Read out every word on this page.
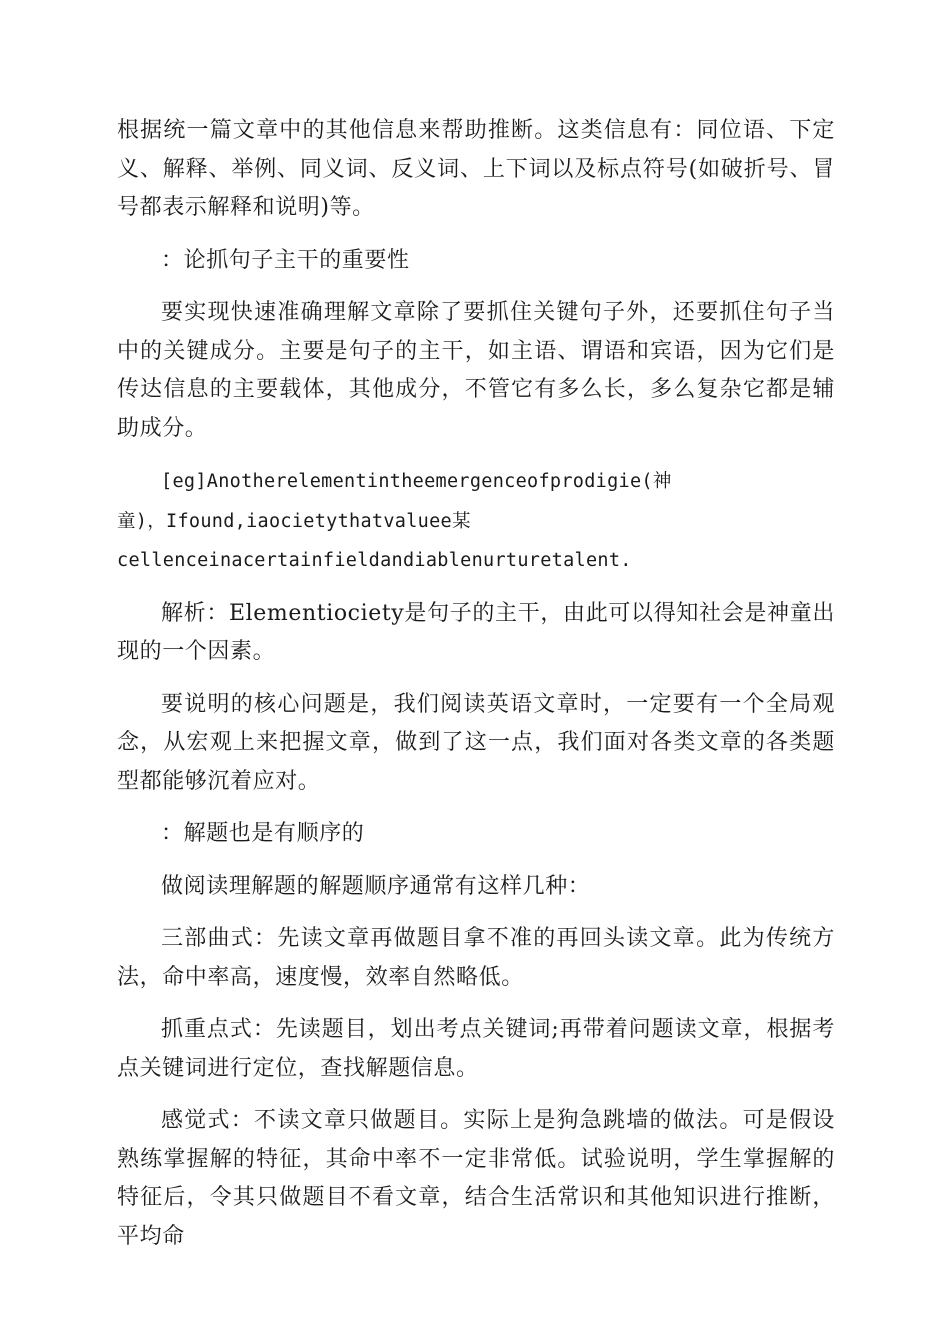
根据统一篇文章中的其他信息来帮助推断。这类信息有：同位语、下定义、解释、举例、同义词、反义词、上下词以及标点符号(如破折号、冒号都表示解释和说明)等。

：论抓句子主干的重要性

要实现快速准确理解文章除了要抓住关键句子外，还要抓住句子当中的关键成分。主要是句子的主干，如主语、谓语和宾语，因为它们是传达信息的主要载体，其他成分，不管它有多么长，多么复杂它都是辅助成分。

[eg]Anotherelementintheemergenceofprodigie(神

童)，Ifound,iaocietythatvaluee某

cellenceinacertainfieldandiablenurturetalent.

解析：Elementiociety是句子的主干，由此可以得知社会是神童出现的一个因素。

要说明的核心问题是，我们阅读英语文章时，一定要有一个全局观念，从宏观上来把握文章，做到了这一点，我们面对各类文章的各类题型都能够沉着应对。

：解题也是有顺序的

做阅读理解题的解题顺序通常有这样几种：

三部曲式：先读文章再做题目拿不准的再回头读文章。此为传统方法，命中率高，速度慢，效率自然略低。

抓重点式：先读题目，划出考点关键词;再带着问题读文章，根据考点关键词进行定位，查找解题信息。

感觉式：不读文章只做题目。实际上是狗急跳墙的做法。可是假设熟练掌握解的特征，其命中率不一定非常低。试验说明，学生掌握解的特征后，令其只做题目不看文章，结合生活常识和其他知识进行推断，平均命
